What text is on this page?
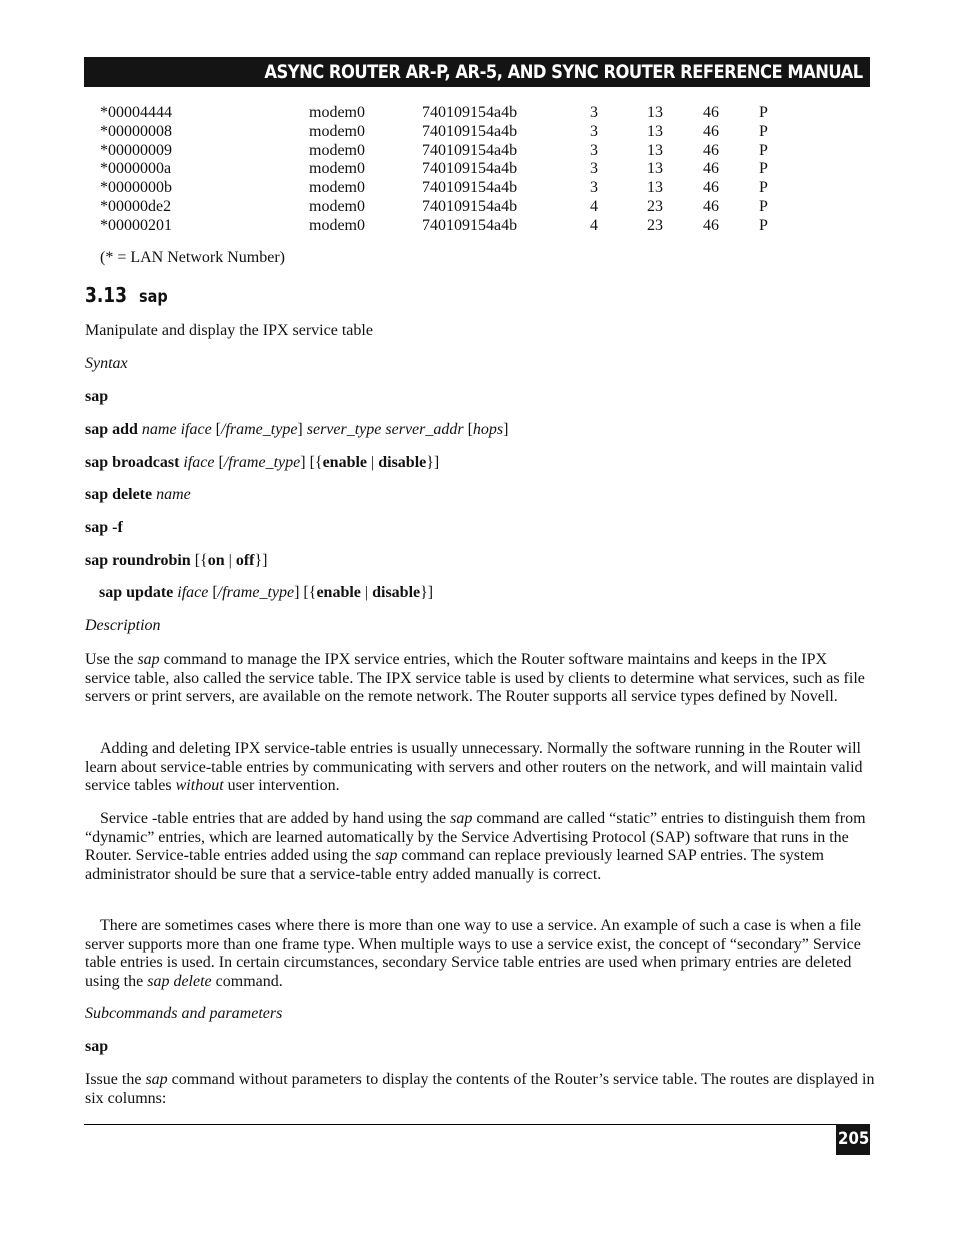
ASYNC ROUTER AR-P, AR-5, AND SYNC ROUTER REFERENCE MANUAL
*00004444	modem0	740109154a4b	3	13	46	P
*00000008	modem0	740109154a4b	3	13	46	P
*00000009	modem0	740109154a4b	3	13	46	P
*0000000a	modem0	740109154a4b	3	13	46	P
*0000000b	modem0	740109154a4b	3	13	46	P
*00000de2	modem0	740109154a4b	4	23	46	P
*00000201	modem0	740109154a4b	4	23	46	P
(* = LAN Network Number)
3.13 sap
Manipulate and display the IPX service table
Syntax
sap
sap add name iface [/frame_type] server_type server_addr [hops]
sap broadcast iface [/frame_type] [{enable | disable}]
sap delete name
sap -f
sap roundrobin [{on | off}]
sap update iface [/frame_type] [{enable | disable}]
Description
Use the sap command to manage the IPX service entries, which the Router software maintains and keeps in the IPX service table, also called the service table. The IPX service table is used by clients to determine what services, such as file servers or print servers, are available on the remote network. The Router supports all service types defined by Novell.
Adding and deleting IPX service-table entries is usually unnecessary. Normally the software running in the Router will learn about service-table entries by communicating with servers and other routers on the network, and will maintain valid service tables without user intervention.
Service -table entries that are added by hand using the sap command are called “static” entries to distinguish them from “dynamic” entries, which are learned automatically by the Service Advertising Protocol (SAP) software that runs in the Router. Service-table entries added using the sap command can replace previously learned SAP entries. The system administrator should be sure that a service-table entry added manually is correct.
There are sometimes cases where there is more than one way to use a service. An example of such a case is when a file server supports more than one frame type. When multiple ways to use a service exist, the concept of “secondary” Service table entries is used. In certain circumstances, secondary Service table entries are used when primary entries are deleted using the sap delete command.
Subcommands and parameters
sap
Issue the sap command without parameters to display the contents of the Router’s service table. The routes are displayed in six columns:
205
